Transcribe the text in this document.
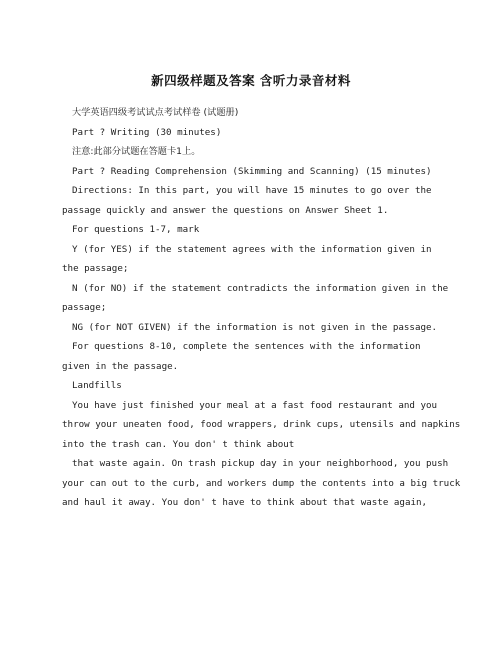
新四级样题及答案 含听力录音材料
大学英语四级考试试点考试样卷 (试题册)
Part ? Writing (30 minutes)
注意:此部分试题在答题卡1上。
Part ? Reading Comprehension (Skimming and Scanning) (15 minutes)
Directions: In this part, you will have 15 minutes to go over the
passage quickly and answer the questions on Answer Sheet 1.
For questions 1-7, mark
Y (for YES) if the statement agrees with the information given in
the passage;
N (for NO) if the statement contradicts the information given in the
passage;
NG (for NOT GIVEN) if the information is not given in the passage.
For questions 8-10, complete the sentences with the information
given in the passage.
Landfills
You have just finished your meal at a fast food restaurant and you
throw your uneaten food, food wrappers, drink cups, utensils and napkins
into the trash can. You don' t think about
that waste again. On trash pickup day in your neighborhood, you push
your can out to the curb, and workers dump the contents into a big truck
and haul it away. You don' t have to think about that waste again,
